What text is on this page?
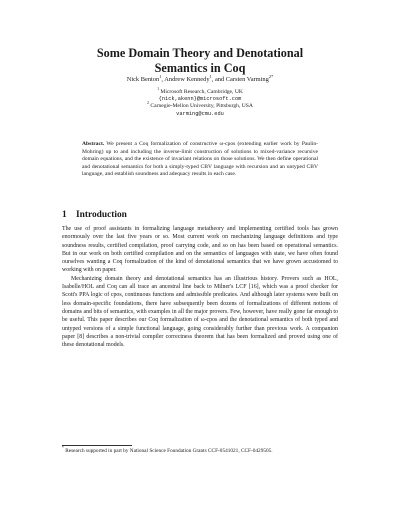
Some Domain Theory and Denotational
Semantics in Coq
Nick Benton$^1$, Andrew Kennedy$^1$, and Carsten Varming$^{2*}$
$^1$ Microsoft Research, Cambridge, UK
{nick,akenn}@microsoft.com
$^2$ Carnegie-Mellon University, Pittsburgh, USA
varming@cmu.edu
Abstract. We present a Coq formalization of constructive ω-cpos (extending earlier work by Paulin-Mohring) up to and including the inverse-limit construction of solutions to mixed-variance recursive domain equations, and the existence of invariant relations on those solutions. We then define operational and denotational semantics for both a simply-typed CBV language with recursion and an untyped CBV language, and establish soundness and adequacy results in each case.
1 Introduction

The use of proof assistants in formalizing language metatheory and implementing certified tools has grown enormously over the last five years or so. Most current work on mechanizing language definitions and type soundness results, certified compilation, proof carrying code, and so on has been based on operational semantics. But in our work on both certified compilation and on the semantics of languages with state, we have often found ourselves wanting a Coq formalization of the kind of denotational semantics that we have grown accustomed to working with on paper.

Mechanizing domain theory and denotational semantics has an illustrious history. Provers such as HOL, Isabelle/HOL and Coq can all trace an ancestral line back to Milner's LCF [16], which was a proof checker for Scott's PPA logic of cpos, continuous functions and admissible predicates. And although later systems were built on less domain-specific foundations, there have subsequently been dozens of formalizations of different notions of domains and bits of semantics, with examples in all the major provers. Few, however, have really gone far enough to be useful. This paper describes our Coq formalization of ω-cpos and the denotational semantics of both typed and untyped versions of a simple functional language, going considerably further than previous work. A companion paper [8] describes a non-trivial compiler correctness theorem that has been formalized and proved using one of these denotational models.

* Research supported in part by National Science Foundation Grants CCF-0541021, CCF-0429505.
